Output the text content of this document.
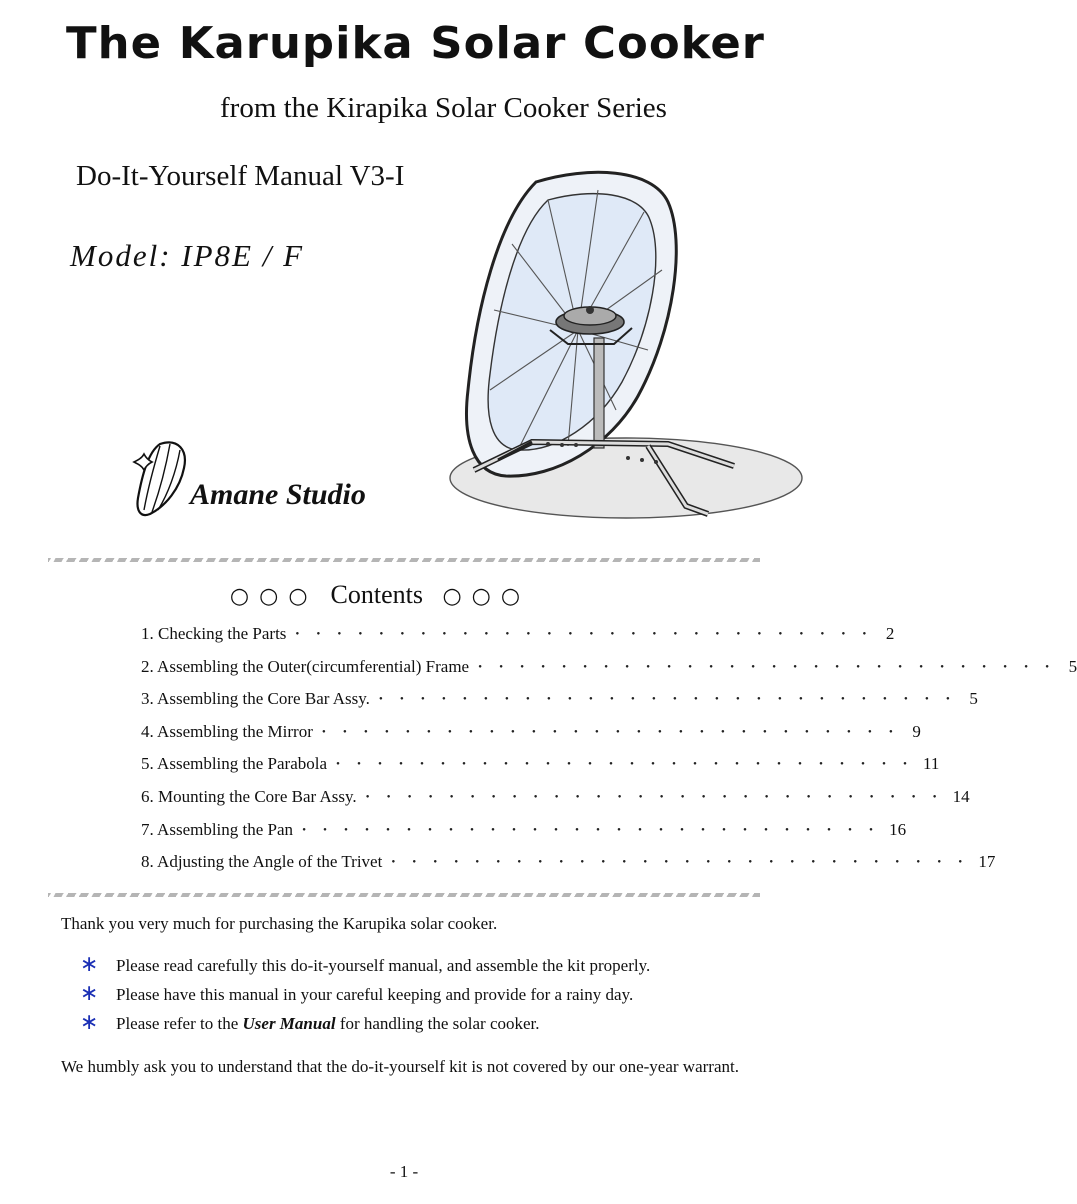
The Karupika Solar Cooker
from the Kirapika Solar Cooker Series
Do-It-Yourself Manual V3-I
Model: IP8E / F
Amane Studio
○○○ Contents ○○○
1. Checking the Parts ・・・・・・・・・・・・・・・・・・・・・・・・・・・・ 2
2. Assembling the Outer(circumferential) Frame ・・・・・・・・・・・・・・・・・・・・・・・・・・・・ 5
3. Assembling the Core Bar Assy. ・・・・・・・・・・・・・・・・・・・・・・・・・・・・ 5
4. Assembling the Mirror ・・・・・・・・・・・・・・・・・・・・・・・・・・・・ 9
5. Assembling the Parabola ・・・・・・・・・・・・・・・・・・・・・・・・・・・・ 11
6. Mounting the Core Bar Assy. ・・・・・・・・・・・・・・・・・・・・・・・・・・・・ 14
7. Assembling the Pan ・・・・・・・・・・・・・・・・・・・・・・・・・・・・ 16
8. Adjusting the Angle of the Trivet ・・・・・・・・・・・・・・・・・・・・・・・・・・・・ 17
Thank you very much for purchasing the Karupika solar cooker.
∗	Please read carefully this do-it-yourself manual, and assemble the kit properly.
∗	Please have this manual in your careful keeping and provide for a rainy day.
∗	Please refer to the User Manual for handling the solar cooker.
We humbly ask you to understand that the do-it-yourself kit is not covered by our one-year warrant.
- 1 -
